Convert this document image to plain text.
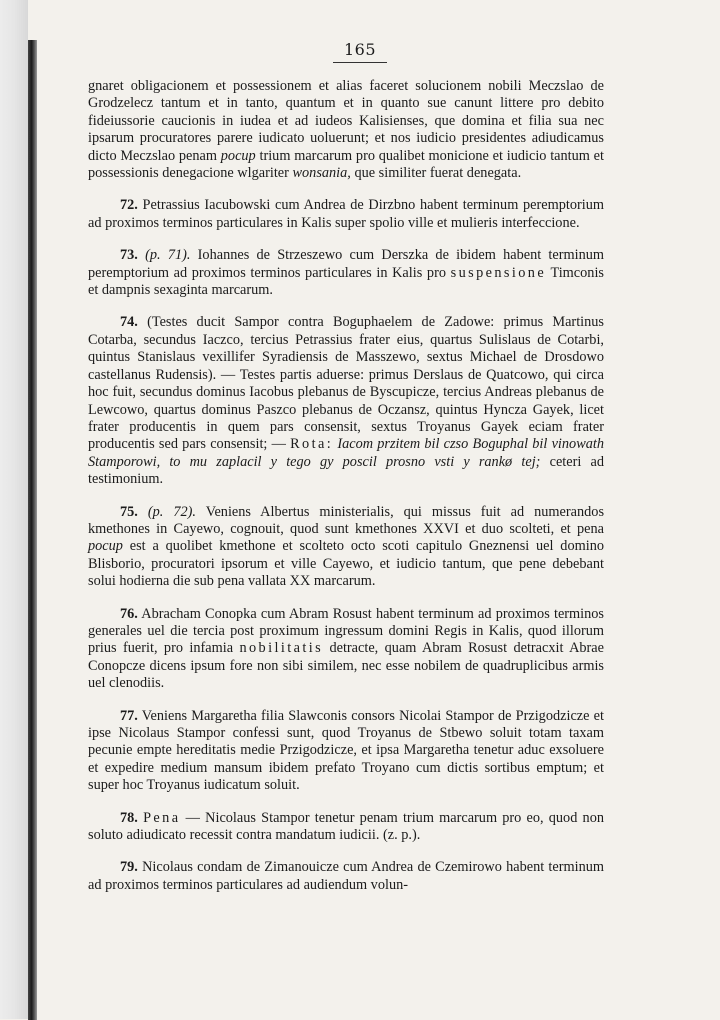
165

gnaret obligacionem et possessionem et alias faceret solucionem nobili Meczslao de Grodzelecz tantum et in tanto, quantum et in quanto sue canunt littere pro debito fideiussorie caucionis in iudea et ad iudeos Kalisienses, que domina et filia sua nec ipsarum procuratores parere iudicato uoluerunt; et nos iudicio presidentes adiudicamus dicto Meczslao penam pocup trium marcarum pro qualibet monicione et iudicio tantum et possessionis denegacione wlgariter wonsania, que similiter fuerat denegata.

72. Petrassius Iacubowski cum Andrea de Dirzbno habent terminum peremptorium ad proximos terminos particulares in Kalis super spolio ville et mulieris interfeccione.

73. (p. 71). Iohannes de Strzeszewo cum Derszka de ibidem habent terminum peremptorium ad proximos terminos particulares in Kalis pro suspensione Timconis et dampnis sexaginta marcarum.

74. (Testes ducit Sampor contra Boguphaelem de Zadowe: primus Martinus Cotarba, secundus Iaczco, tercius Petrassius frater eius, quartus Sulislaus de Cotarbi, quintus Stanislaus vexillifer Syradiensis de Masszewo, sextus Michael de Drosdowo castellanus Rudensis). — Testes partis aduerse: primus Derslaus de Quatcowo, qui circa hoc fuit, secundus dominus Iacobus plebanus de Byscupicze, tercius Andreas plebanus de Lewcowo, quartus dominus Paszco plebanus de Oczansz, quintus Hyncza Gayek, licet frater producentis in quem pars consensit, sextus Troyanus Gayek eciam frater producentis sed pars consensit; — Rota: Iacom przitem bil czso Boguphal bil vinowath Stamporowi, to mu zaplacil y tego gy poscil prosno vsti y rankø tej; ceteri ad testimonium.

75. (p. 72). Veniens Albertus ministerialis, qui missus fuit ad numerandos kmethones in Cayewo, cognouit, quod sunt kmethones XXVI et duo scolteti, et pena pocup est a quolibet kmethone et scolteto octo scoti capitulo Gneznensi uel domino Blisborio, procuratori ipsorum et ville Cayewo, et iudicio tantum, que pene debebant solui hodierna die sub pena vallata XX marcarum.

76. Abracham Conopka cum Abram Rosust habent terminum ad proximos terminos generales uel die tercia post proximum ingressum domini Regis in Kalis, quod illorum prius fuerit, pro infamia nobilitatis detracte, quam Abram Rosust detracxit Abrae Conopcze dicens ipsum fore non sibi similem, nec esse nobilem de quadruplicibus armis uel clenodiis.

77. Veniens Margaretha filia Slawconis consors Nicolai Stampor de Przigodzicze et ipse Nicolaus Stampor confessi sunt, quod Troyanus de Stbewo soluit totam taxam pecunie empte hereditatis medie Przigodzicze, et ipsa Margaretha tenetur aduc exsoluere et expedire medium mansum ibidem prefato Troyano cum dictis sortibus emptum; et super hoc Troyanus iudicatum soluit.

78. Pena — Nicolaus Stampor tenetur penam trium marcarum pro eo, quod non soluto adiudicato recessit contra mandatum iudicii. (z. p.).

79. Nicolaus condam de Zimanouicze cum Andrea de Czemirowo habent terminum ad proximos terminos particulares ad audiendum volun-
